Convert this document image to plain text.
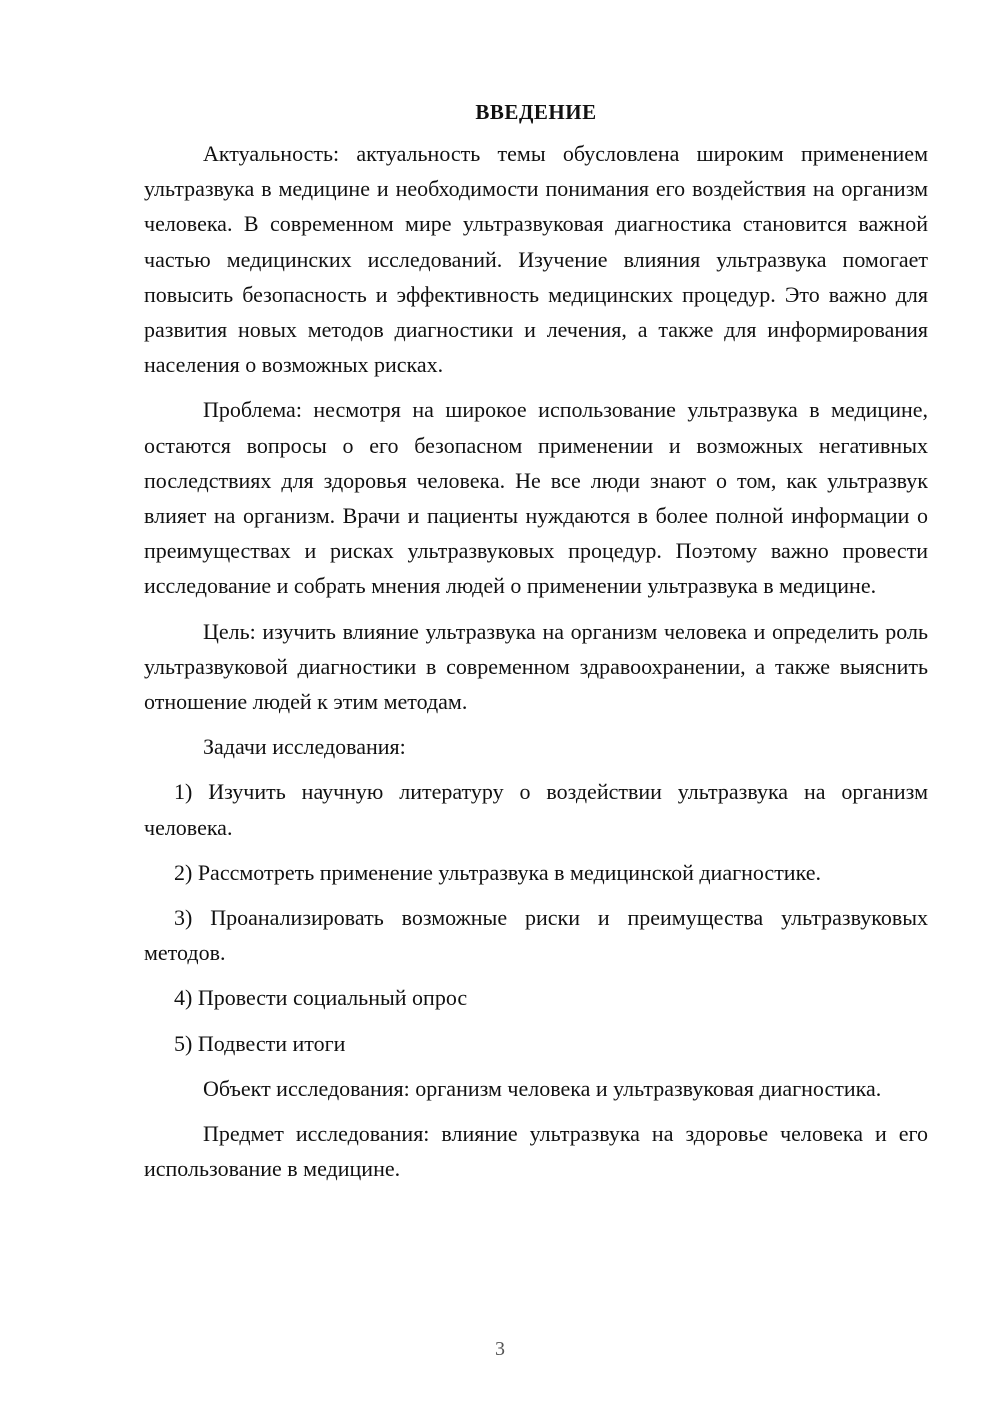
ВВЕДЕНИЕ

Актуальность: актуальность темы обусловлена широким применением ультразвука в медицине и необходимости понимания его воздействия на организм человека. В современном мире ультразвуковая диагностика становится важной частью медицинских исследований. Изучение влияния ультразвука помогает повысить безопасность и эффективность медицинских процедур. Это важно для развития новых методов диагностики и лечения, а также для информирования населения о возможных рисках.

Проблема: несмотря на широкое использование ультразвука в медицине, остаются вопросы о его безопасном применении и возможных негативных последствиях для здоровья человека. Не все люди знают о том, как ультразвук влияет на организм. Врачи и пациенты нуждаются в более полной информации о преимуществах и рисках ультразвуковых процедур. Поэтому важно провести исследование и собрать мнения людей о применении ультразвука в медицине.

Цель: изучить влияние ультразвука на организм человека и определить роль ультразвуковой диагностики в современном здравоохранении, а также выяснить отношение людей к этим методам.

Задачи исследования:

1) Изучить научную литературу о воздействии ультразвука на организм человека.

2) Рассмотреть применение ультразвука в медицинской диагностике.

3) Проанализировать возможные риски и преимущества ультразвуковых методов.

4) Провести социальный опрос

5) Подвести итоги

Объект исследования: организм человека и ультразвуковая диагностика.

Предмет исследования: влияние ультразвука на здоровье человека и его использование в медицине.

3
